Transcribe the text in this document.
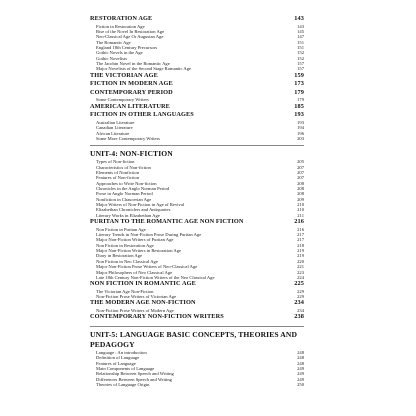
RESTORATION AGE	143
Fiction in Restoration Age	143
Rise of the Novel In Restoration Age	145
Neo-Classical Age Or Augustan Age	147
The Romantic Age	151
England 18th Century Precursors	151
Gothic Novels in the Age	152
Gothic Novelists	152
The Jacobin Novel in the Romantic Age	157
Major Novelists of the Second Stage Romantic Age	157
THE VICTORIAN AGE	159
FICTION IN MODERN AGE	173
CONTEMPORARY PERIOD	179
Some Contemporary Writers	179
AMERICAN LITERATURE	185
FICTION IN OTHER LANGUAGES	193
Australian Literature	193
Canadian Literature	194
African Literature	196
Some More Contemporary Writers	203
UNIT-4: NON-FICTION
Types of Non-fiction	205
Characteristics of Non-fiction	207
Elements of Nonfiction	207
Features of Non-fiction	207
Approaches to Write Non-fiction	208
Chronicles in the Anglo Norman Period	208
Prose in Anglo Norman Period	208
Nonfiction in Chaucerian Age	209
Major Writers of Non-Fiction in Age of Revival	210
Elizabethan Chroniclers and Antiquaries	210
Literary Works in Elizabethan Age	211
PURITAN TO THE ROMANTIC AGE NON FICTION	216
Non Fiction in Puritan Age	216
Literary Trends in Non-Fiction Prose During Puritan Age	217
Major Non-Fiction Writers of Puritan Age	217
Non Fiction in Restoration Age	218
Major Non-Fiction Writers in Restoration Age	219
Diary in Restoration Age	219
Non Fiction in Neo Classical Age	220
Major Non-Fiction Prose Writers of Neo-Classical Age	221
Major Philosophers of Neo Classical Age	223
Late 18th Century Non-Fiction Writers of the Neo Classical Age	224
NON FICTION IN ROMANTIC AGE	225
The Victorian Age Non-Fiction	229
Non-Fiction Prose Writers of Victorian Age	229
THE MODERN AGE NON-FICTION	234
Non-Fiction Prose Writers of Modern Age	234
CONTEMPORARY NON-FICTION WRITERS	238
UNIT-5: LANGUAGE BASIC CONCEPTS, THEORIES AND PEDAGOGY
Language : An introduction	248
Definition of Language	248
Features of Language	248
Main Components of Language	249
Relationship Between Speech and Writing	249
Differences Between Speech and Writing	249
Theories of Language Origin	250
